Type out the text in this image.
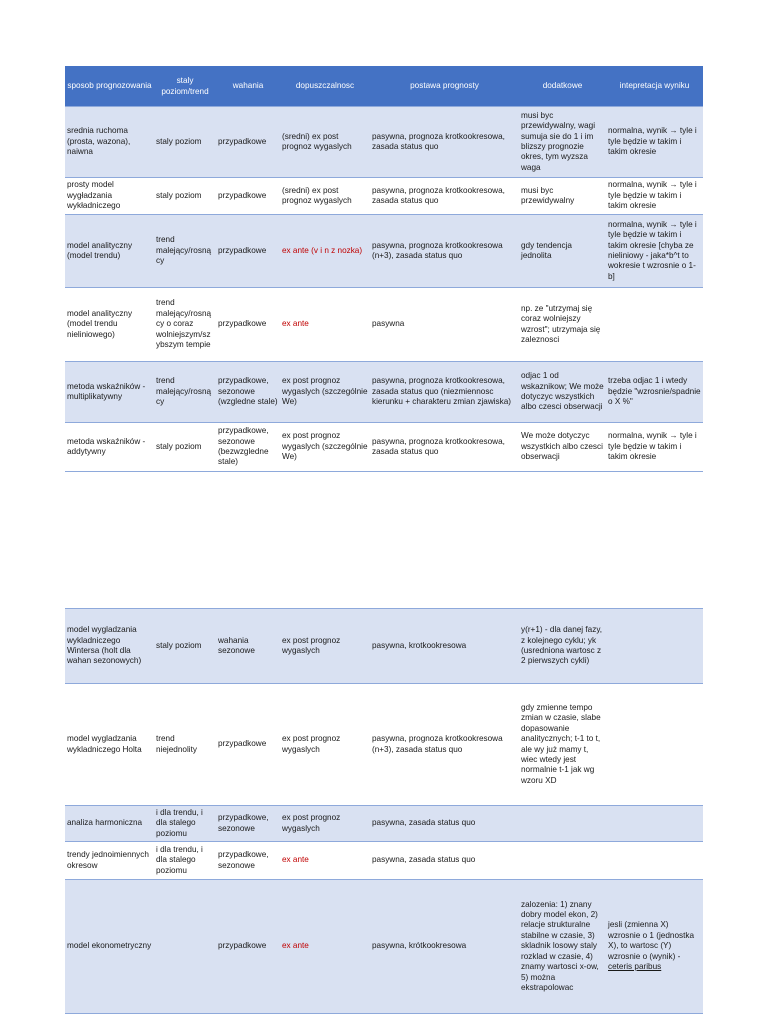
sposob prognozowania	staly poziom/trend	wahania	dopuszczalnosc	postawa prognosty	dodatkowe	intepretacja wyniku
srednia ruchoma (prosta, wazona), naiwna	staly poziom	przypadkowe	(sredni) ex post prognoz wygaslych	pasywna, prognoza krotkookresowa, zasada status quo	musi byc przewidywalny, wagi sumuja sie do 1 i im blizszy prognozie okres, tym wyzsza waga	normalna, wynik → tyle i tyle będzie w takim i takim okresie
prosty model wygładzania wykładniczego	staly poziom	przypadkowe	(sredni) ex post prognoz wygaslych	pasywna, prognoza krotkookresowa, zasada status quo	musi byc przewidywalny	normalna, wynik → tyle i tyle będzie w takim i takim okresie
model analityczny (model trendu)	trend malejący/rosnący	przypadkowe	ex ante (v i n z nozka)	pasywna, prognoza krotkookresowa (n+3), zasada status quo	gdy tendencja jednolita	normalna, wynik → tyle i tyle będzie w takim i takim okresie [chyba ze nieliniowy - jaka*b^t to wokresie t wzrosnie o 1-b]
model analityczny (model trendu nieliniowego)	trend malejący/rosnący o coraz wolniejszym/szybszym tempie	przypadkowe	ex ante	pasywna	np. ze "utrzymaj się coraz wolniejszy wzrost"; utrzymaja się zaleznosci	
metoda wskaźników - multiplikatywny	trend malejący/rosnący	przypadkowe, sezonowe (wzgledne stale)	ex post prognoz wygaslych (szczególnie We)	pasywna, prognoza krotkookresowa, zasada status quo (niezmiennosc kierunku + charakteru zmian zjawiska)	odjac 1 od wskaznikow; We może dotyczyc wszystkich albo czesci obserwacji	trzeba odjac 1 i wtedy będzie "wzrosnie/spadnie o X %"
metoda wskaźników - addytywny	staly poziom	przypadkowe, sezonowe (bezwzgledne stale)	ex post prognoz wygaslych (szczególnie We)	pasywna, prognoza krotkookresowa, zasada status quo	We może dotyczyc wszystkich albo czesci obserwacji	normalna, wynik → tyle i tyle będzie w takim i takim okresie
model wygladzania wykladniczego Wintersa (holt dla wahan sezonowych)	staly poziom	wahania sezonowe	ex post prognoz wygaslych	pasywna, krotkookresowa	y(r+1) - dla danej fazy, z kolejnego cyklu; yk (usredniona wartosc z 2 pierwszych cykli)	
model wygladzania wykladniczego Holta	trend niejednolity	przypadkowe	ex post prognoz wygaslych	pasywna, prognoza krotkookresowa (n+3), zasada status quo	gdy zmienne tempo zmian w czasie, slabe dopasowanie analitycznych; t-1 to t, ale wy już mamy t, wiec wtedy jest normalnie t-1 jak wg wzoru XD	
analiza harmoniczna	i dla trendu, i dla stalego poziomu	przypadkowe, sezonowe	ex post prognoz wygaslych	pasywna, zasada status quo		
trendy jednoimiennych okresow	i dla trendu, i dla stalego poziomu	przypadkowe, sezonowe	ex ante	pasywna, zasada status quo		
model ekonometryczny		przypadkowe	ex ante	pasywna, krótkookresowa	zalozenia: 1) znany dobry model ekon, 2) relacje strukturalne stabilne w czasie, 3) skladnik losowy staly rozklad w czasie, 4) znamy wartosci x-ow, 5) można ekstrapolowac	jesli (zmienna X) wzrosnie o 1 (jednostka X), to wartosc (Y) wzrosnie o (wynik) - ceteris paribus
